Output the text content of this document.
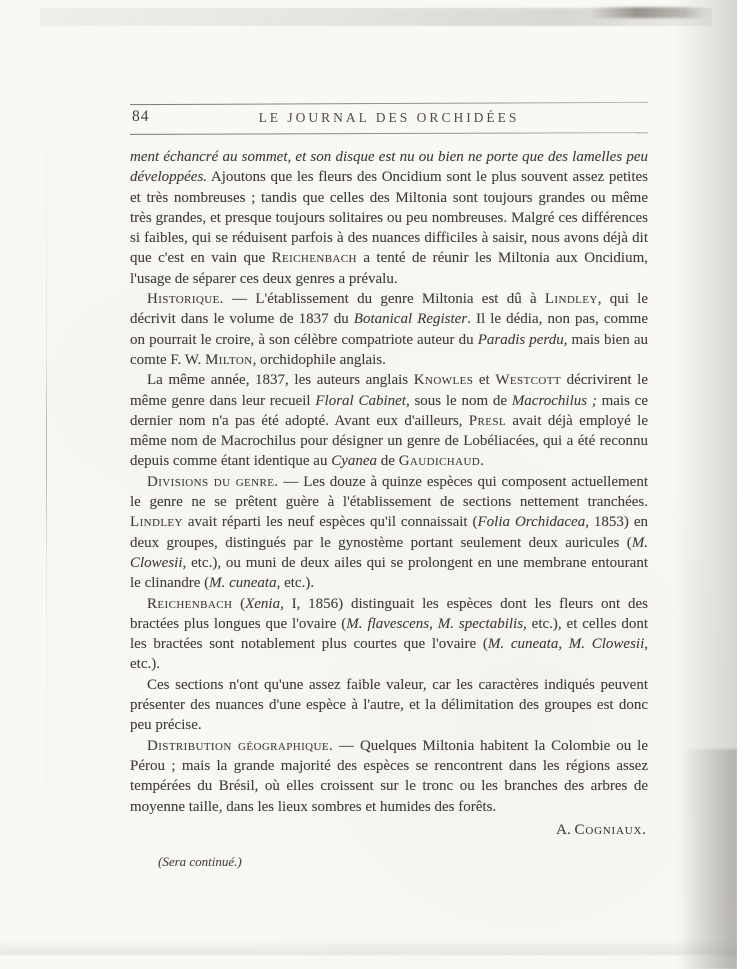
84	LE JOURNAL DES ORCHIDÉES

ment échancré au sommet, et son disque est nu ou bien ne porte que des lamelles peu développées. Ajoutons que les fleurs des Oncidium sont le plus souvent assez petites et très nombreuses ; tandis que celles des Miltonia sont toujours grandes ou même très grandes, et presque toujours solitaires ou peu nombreuses. Malgré ces différences si faibles, qui se réduisent parfois à des nuances difficiles à saisir, nous avons déjà dit que c'est en vain que Reichenbach a tenté de réunir les Miltonia aux Oncidium, l'usage de séparer ces deux genres a prévalu.

Historique. — L'établissement du genre Miltonia est dû à Lindley, qui le décrivit dans le volume de 1837 du Botanical Register. Il le dédia, non pas, comme on pourrait le croire, à son célèbre compatriote auteur du Paradis perdu, mais bien au comte F. W. Milton, orchidophile anglais.

La même année, 1837, les auteurs anglais Knowles et Westcott décrivirent le même genre dans leur recueil Floral Cabinet, sous le nom de Macrochilus ; mais ce dernier nom n'a pas été adopté. Avant eux d'ailleurs, Presl avait déjà employé le même nom de Macrochilus pour désigner un genre de Lobéliacées, qui a été reconnu depuis comme étant identique au Cyanea de Gaudichaud.

Divisions du genre. — Les douze à quinze espèces qui composent actuellement le genre ne se prêtent guère à l'établissement de sections nettement tranchées. Lindley avait réparti les neuf espèces qu'il connaissait (Folia Orchidacea, 1853) en deux groupes, distingués par le gynostème portant seulement deux auricules (M. Clowesii, etc.), ou muni de deux ailes qui se prolongent en une membrane entourant le clinandre (M. cuneata, etc.).

Reichenbach (Xenia, I, 1856) distinguait les espèces dont les fleurs ont des bractées plus longues que l'ovaire (M. flavescens, M. spectabilis, etc.), et celles dont les bractées sont notablement plus courtes que l'ovaire (M. cuneata, M. Clowesii, etc.).

Ces sections n'ont qu'une assez faible valeur, car les caractères indiqués peuvent présenter des nuances d'une espèce à l'autre, et la délimitation des groupes est donc peu précise.

Distribution géographique. — Quelques Miltonia habitent la Colombie ou le Pérou ; mais la grande majorité des espèces se rencontrent dans les régions assez tempérées du Brésil, où elles croissent sur le tronc ou les branches des arbres de moyenne taille, dans les lieux sombres et humides des forêts.

A. Cogniaux.
(Sera continué.)
